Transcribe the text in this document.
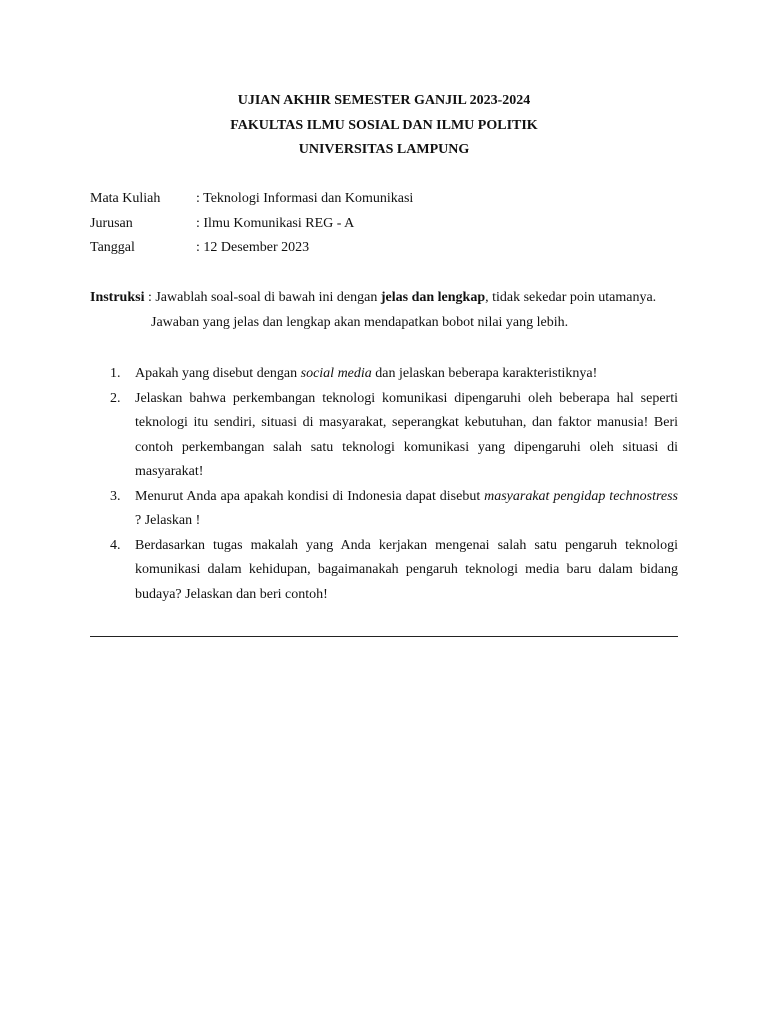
UJIAN AKHIR SEMESTER GANJIL 2023-2024
FAKULTAS ILMU SOSIAL DAN ILMU POLITIK
UNIVERSITAS LAMPUNG
Mata Kuliah	: Teknologi Informasi dan Komunikasi
Jurusan	: Ilmu Komunikasi REG - A
Tanggal	: 12 Desember 2023
Instruksi : Jawablah soal-soal di bawah ini dengan jelas dan lengkap, tidak sekedar poin utamanya.
Jawaban yang jelas dan lengkap akan mendapatkan bobot nilai yang lebih.
1.	Apakah yang disebut dengan social media dan jelaskan beberapa karakteristiknya!
2.	Jelaskan bahwa perkembangan teknologi komunikasi dipengaruhi oleh beberapa hal seperti teknologi itu sendiri, situasi di masyarakat, seperangkat kebutuhan, dan faktor manusia! Beri contoh perkembangan salah satu teknologi komunikasi yang dipengaruhi oleh situasi di masyarakat!
3.	Menurut Anda apa apakah kondisi di Indonesia dapat disebut masyarakat pengidap technostress ? Jelaskan !
4.	Berdasarkan tugas makalah yang Anda kerjakan mengenai salah satu pengaruh teknologi komunikasi dalam kehidupan, bagaimanakah pengaruh teknologi media baru dalam bidang budaya? Jelaskan dan beri contoh!
